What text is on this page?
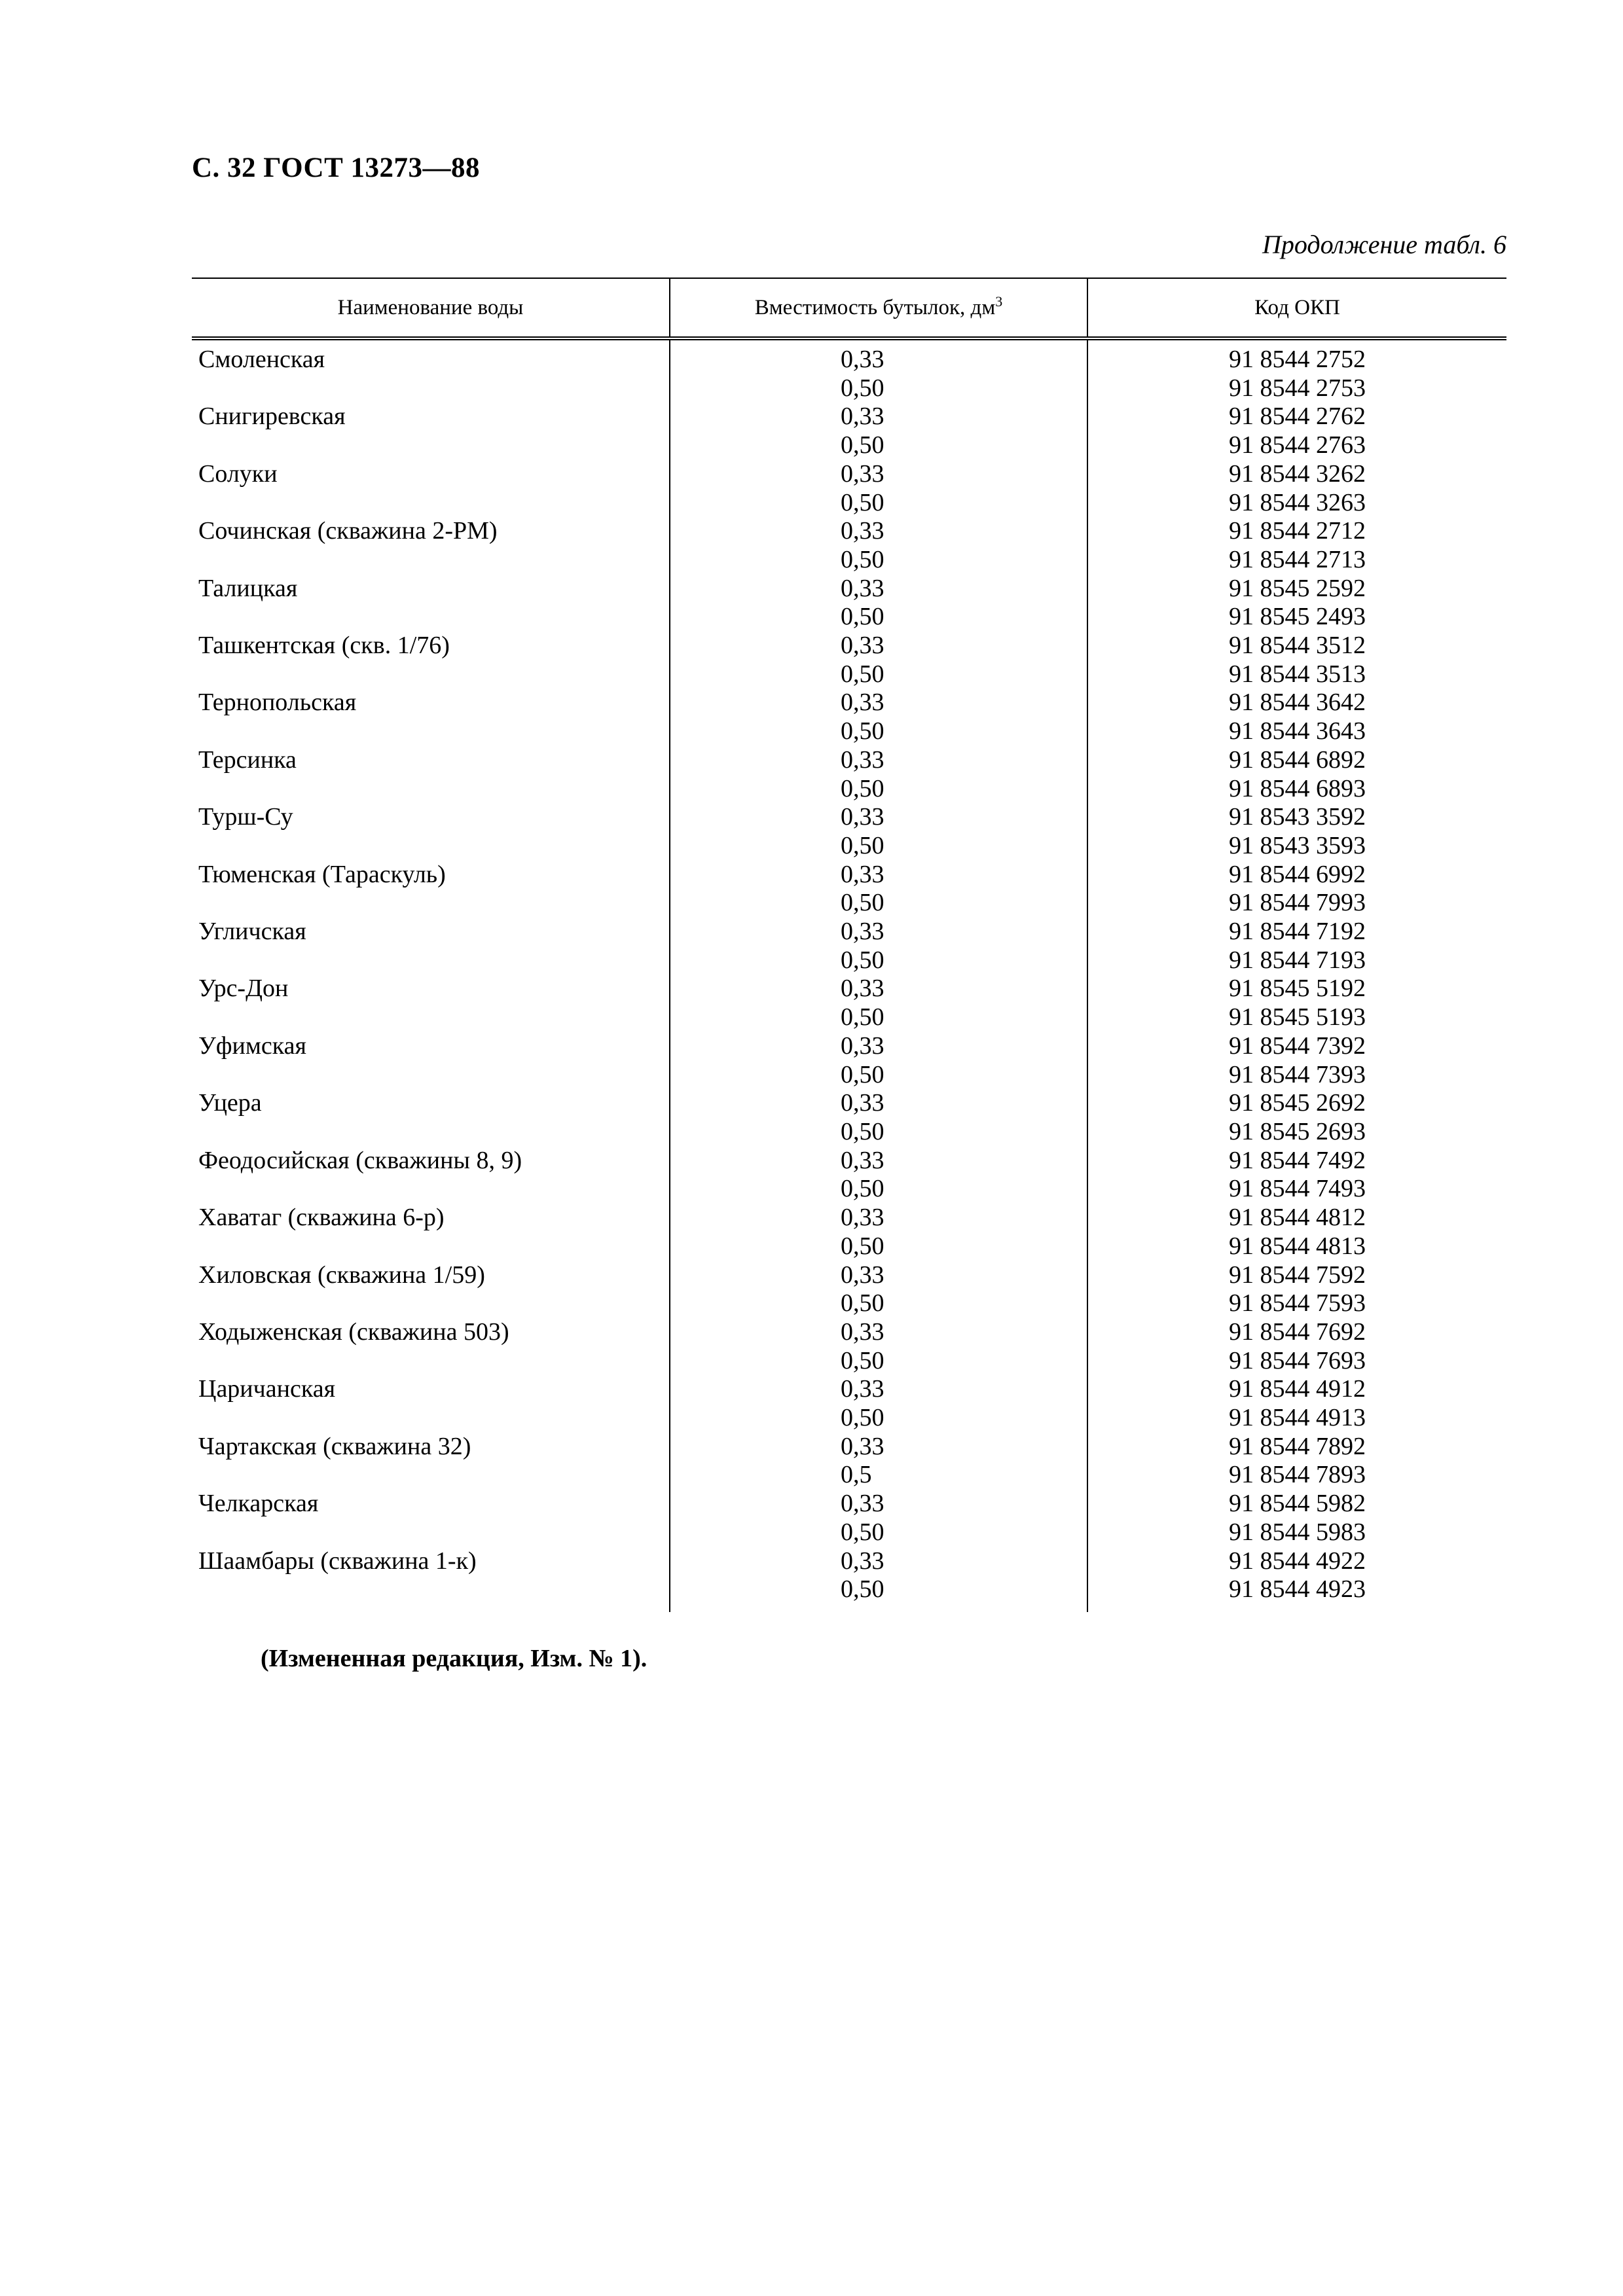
С. 32 ГОСТ 13273—88
Продолжение табл. 6
Наименование воды	Вместимость бутылок, $дм^3$	Код ОКП
Смоленская	0,33	91 8544 2752
	0,50	91 8544 2753
Снигиревская	0,33	91 8544 2762
	0,50	91 8544 2763
Солуки	0,33	91 8544 3262
	0,50	91 8544 3263
Сочинская (скважина 2-РМ)	0,33	91 8544 2712
	0,50	91 8544 2713
Талицкая	0,33	91 8545 2592
	0,50	91 8545 2493
Ташкентская (скв. 1/76)	0,33	91 8544 3512
	0,50	91 8544 3513
Тернопольская	0,33	91 8544 3642
	0,50	91 8544 3643
Терсинка	0,33	91 8544 6892
	0,50	91 8544 6893
Турш-Су	0,33	91 8543 3592
	0,50	91 8543 3593
Тюменская (Тараскуль)	0,33	91 8544 6992
	0,50	91 8544 7993
Угличская	0,33	91 8544 7192
	0,50	91 8544 7193
Урс-Дон	0,33	91 8545 5192
	0,50	91 8545 5193
Уфимская	0,33	91 8544 7392
	0,50	91 8544 7393
Уцера	0,33	91 8545 2692
	0,50	91 8545 2693
Феодосийская (скважины 8, 9)	0,33	91 8544 7492
	0,50	91 8544 7493
Хаватаг (скважина 6-р)	0,33	91 8544 4812
	0,50	91 8544 4813
Хиловская (скважина 1/59)	0,33	91 8544 7592
	0,50	91 8544 7593
Ходыженская (скважина 503)	0,33	91 8544 7692
	0,50	91 8544 7693
Царичанская	0,33	91 8544 4912
	0,50	91 8544 4913
Чартакская (скважина 32)	0,33	91 8544 7892
	0,5	91 8544 7893
Челкарская	0,33	91 8544 5982
	0,50	91 8544 5983
Шаамбары (скважина 1-к)	0,33	91 8544 4922
	0,50	91 8544 4923
(Измененная редакция, Изм. № 1).
